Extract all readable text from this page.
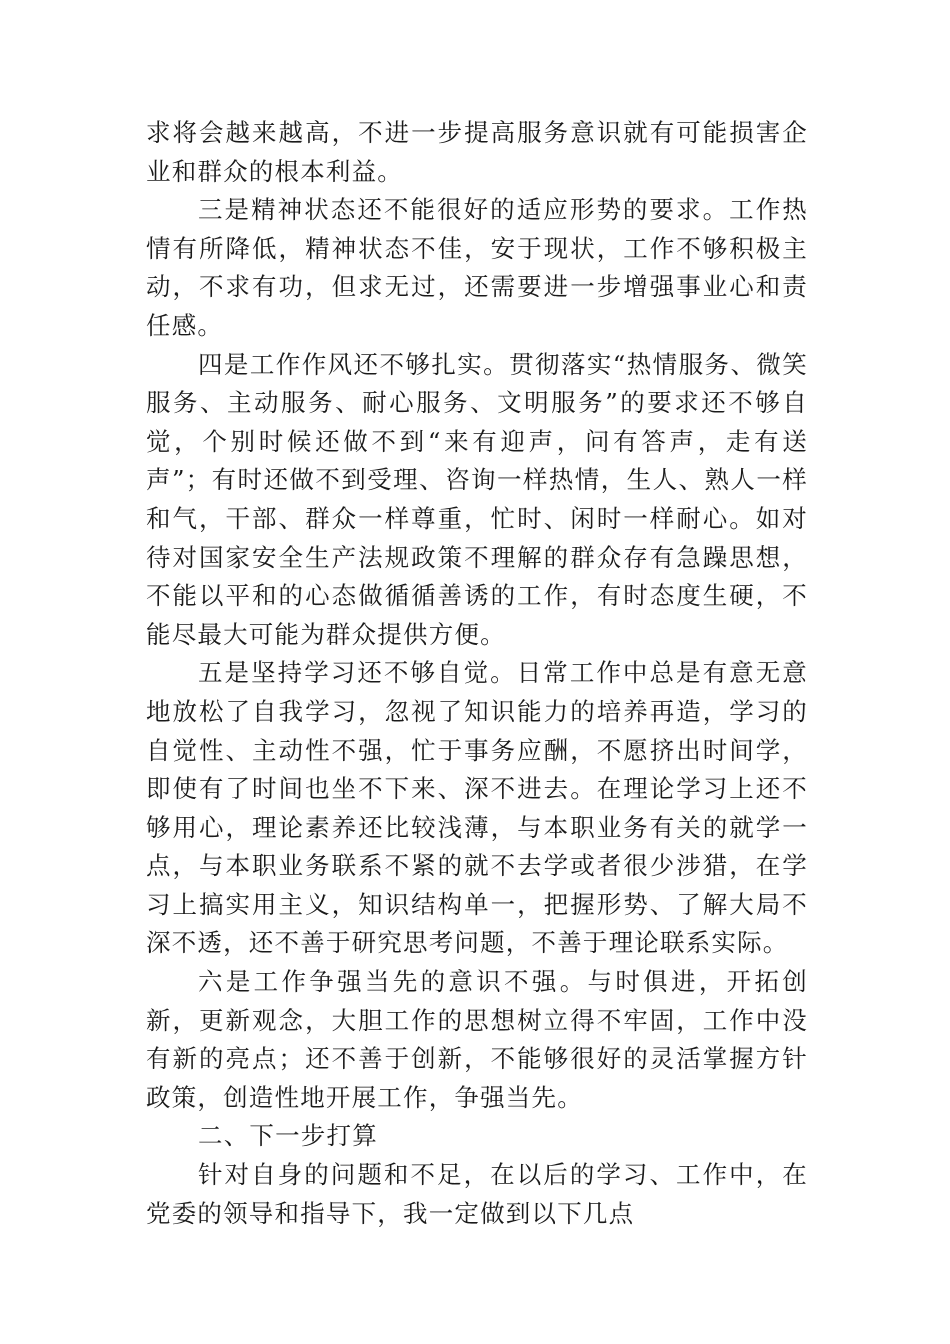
求将会越来越高，不进一步提高服务意识就有可能损害企业和群众的根本利益。

三是精神状态还不能很好的适应形势的要求。工作热情有所降低，精神状态不佳，安于现状，工作不够积极主动，不求有功，但求无过，还需要进一步增强事业心和责任感。

四是工作作风还不够扎实。贯彻落实“热情服务、微笑服务、主动服务、耐心服务、文明服务”的要求还不够自觉，个别时候还做不到“来有迎声，问有答声，走有送声”；有时还做不到受理、咨询一样热情，生人、熟人一样和气，干部、群众一样尊重，忙时、闲时一样耐心。如对待对国家安全生产法规政策不理解的群众存有急躁思想，不能以平和的心态做循循善诱的工作，有时态度生硬，不能尽最大可能为群众提供方便。

五是坚持学习还不够自觉。日常工作中总是有意无意地放松了自我学习，忽视了知识能力的培养再造，学习的自觉性、主动性不强，忙于事务应酬，不愿挤出时间学，即使有了时间也坐不下来、深不进去。在理论学习上还不够用心，理论素养还比较浅薄，与本职业务有关的就学一点，与本职业务联系不紧的就不去学或者很少涉猎，在学习上搞实用主义，知识结构单一，把握形势、了解大局不深不透，还不善于研究思考问题，不善于理论联系实际。

六是工作争强当先的意识不强。与时俱进，开拓创新，更新观念，大胆工作的思想树立得不牢固，工作中没有新的亮点；还不善于创新，不能够很好的灵活掌握方针政策，创造性地开展工作，争强当先。

二、下一步打算

针对自身的问题和不足，在以后的学习、工作中，在党委的领导和指导下，我一定做到以下几点
